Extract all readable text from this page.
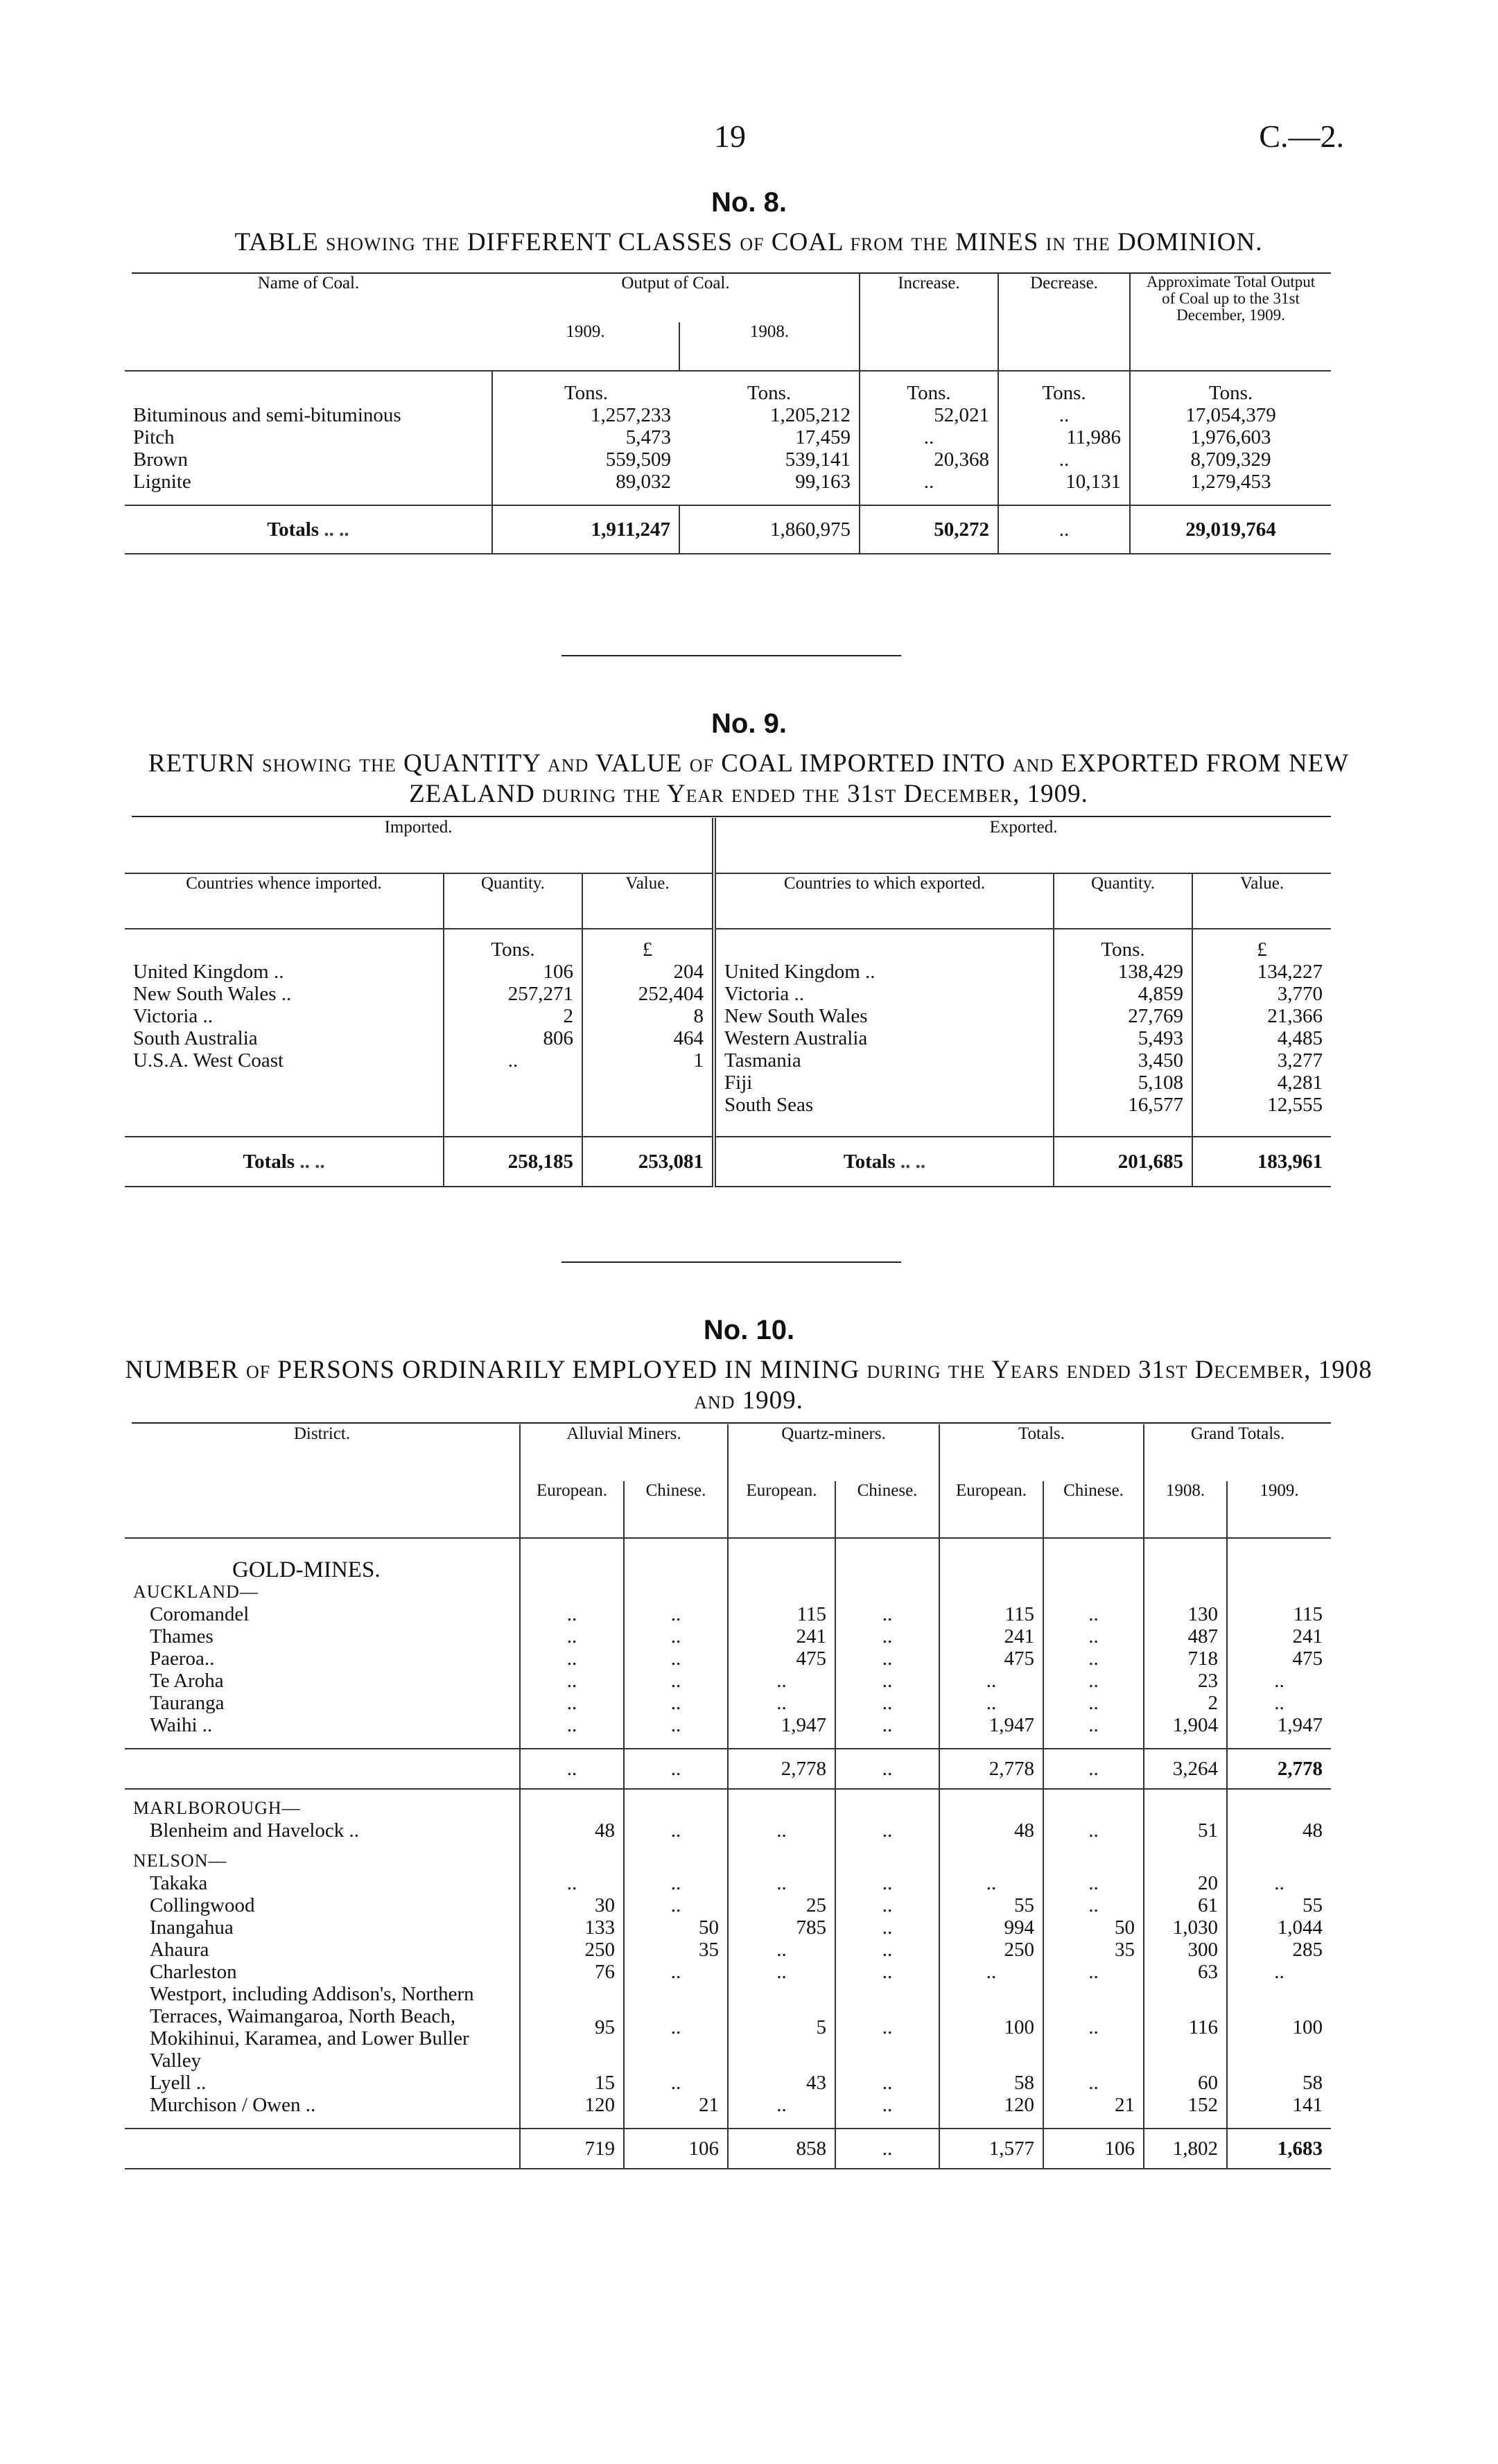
19	C.—2.
No. 8.
TABLE showing the DIFFERENT CLASSES of COAL from the MINES in the DOMINION.
Name of Coal.	Output of Coal.		Increase.	Decrease.	Approximate Total Output of Coal up to the 31st December, 1909.
	1909.	1908.			
	Tons.	Tons.	Tons.	Tons.	Tons.
Bituminous and semi-bituminous	1,257,233	1,205,212	52,021	..	17,054,379
Pitch	5,473	17,459	..	11,986	1,976,603
Brown	559,509	539,141	20,368	..	8,709,329
Lignite	89,032	99,163	..	10,131	1,279,453

Totals .. ..	1,911,247	1,860,975	50,272	..	29,019,764
No. 9.
RETURN showing the QUANTITY and VALUE of COAL IMPORTED INTO and EXPORTED FROM NEW ZEALAND during the Year ended the 31st December, 1909.
Imported.			Exported.		
Countries whence imported.	Quantity.	Value.	Countries to which exported.	Quantity.	Value.
	Tons.	£		Tons.	£
United Kingdom ..	106	204	United Kingdom ..	138,429	134,227
New South Wales ..	257,271	252,404	Victoria ..	4,859	3,770
Victoria ..	2	8	New South Wales	27,769	21,366
South Australia	806	464	Western Australia	5,493	4,485
U.S.A. West Coast	..	1	Tasmania	3,450	3,277
			Fiji	5,108	4,281
			South Seas	16,577	12,555

Totals .. ..	258,185	253,081	Totals .. ..	201,685	183,961
No. 10.
NUMBER of PERSONS ORDINARILY EMPLOYED IN MINING during the Years ended 31st December, 1908 and 1909.
District.	Alluvial Miners.		Quartz-miners.		Totals.		Grand Totals.	
	European.	Chinese.	European.	Chinese.	European.	Chinese.	1908.	1909.
GOLD-MINES.								
AUCKLAND—								
Coromandel	..	..	115	..	115	..	130	115
Thames	..	..	241	..	241	..	487	241
Paeroa..	..	..	475	..	475	..	718	475
Te Aroha	..	..	..	..	..	..	23	..
Tauranga	..	..	..	..	..	..	2	..
Waihi ..	..	..	1,947	..	1,947	..	1,904	1,947

	..	..	2,778	..	2,778	..	3,264	2,778

MARLBOROUGH—								
Blenheim and Havelock ..	48	..	..	..	48	..	51	48

NELSON—								
Takaka	..	..	..	..	..	..	20	..
Collingwood	30	..	25	..	55	..	61	55
Inangahua	133	50	785	..	994	50	1,030	1,044
Ahaura	250	35	..	..	250	35	300	285
Charleston	76	..	..	..	..	..	63	..
Westport, including Addison's, Northern Terraces, Waimangaroa, North Beach, Mokihinui, Karamea, and Lower Buller Valley	95	..	5	..	100	..	116	100
Lyell ..	15	..	43	..	58	..	60	58
Murchison / Owen ..	120	21	..	..	120	21	152	141

	719	106	858	..	1,577	106	1,802	1,683
